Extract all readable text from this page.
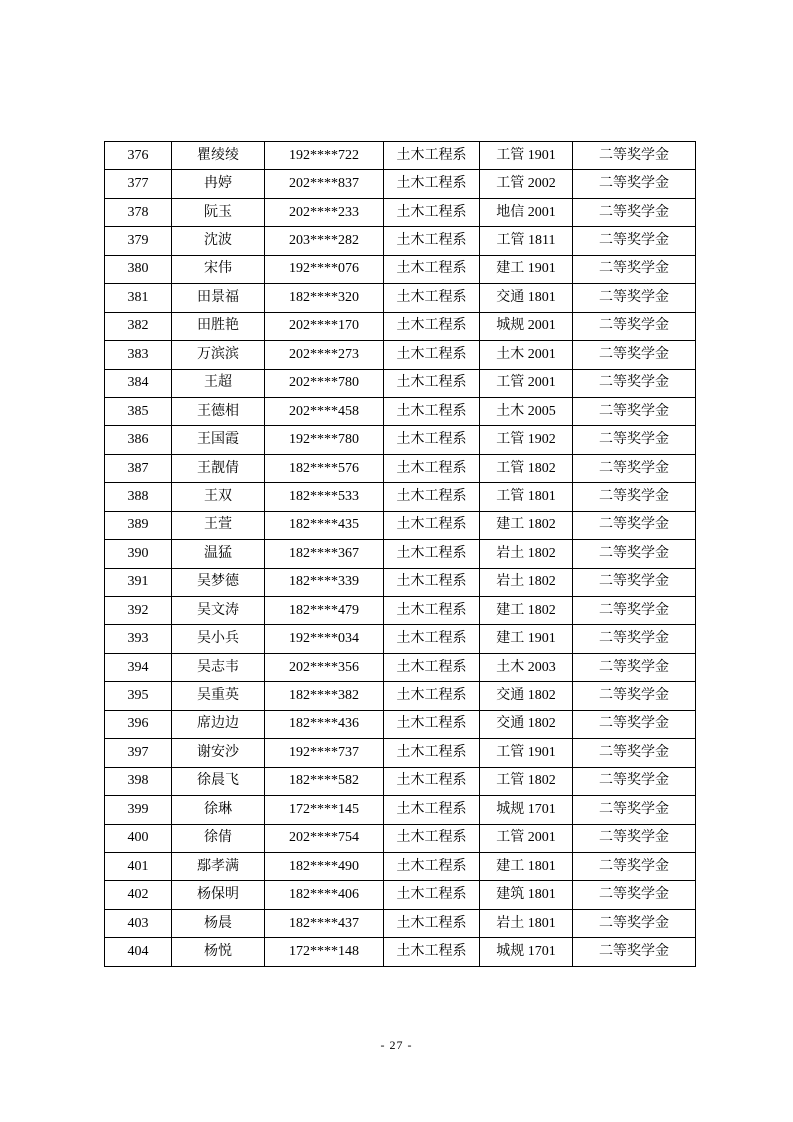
376	瞿绫绫	192****722	土木工程系	工管 1901	二等奖学金
377	冉婷	202****837	土木工程系	工管 2002	二等奖学金
378	阮玉	202****233	土木工程系	地信 2001	二等奖学金
379	沈波	203****282	土木工程系	工管 1811	二等奖学金
380	宋伟	192****076	土木工程系	建工 1901	二等奖学金
381	田景福	182****320	土木工程系	交通 1801	二等奖学金
382	田胜艳	202****170	土木工程系	城规 2001	二等奖学金
383	万滨滨	202****273	土木工程系	土木 2001	二等奖学金
384	王超	202****780	土木工程系	工管 2001	二等奖学金
385	王德相	202****458	土木工程系	土木 2005	二等奖学金
386	王国霞	192****780	土木工程系	工管 1902	二等奖学金
387	王靓倩	182****576	土木工程系	工管 1802	二等奖学金
388	王双	182****533	土木工程系	工管 1801	二等奖学金
389	王萱	182****435	土木工程系	建工 1802	二等奖学金
390	温猛	182****367	土木工程系	岩土 1802	二等奖学金
391	吴梦德	182****339	土木工程系	岩土 1802	二等奖学金
392	吴文涛	182****479	土木工程系	建工 1802	二等奖学金
393	吴小兵	192****034	土木工程系	建工 1901	二等奖学金
394	吴志韦	202****356	土木工程系	土木 2003	二等奖学金
395	吴重英	182****382	土木工程系	交通 1802	二等奖学金
396	席边边	182****436	土木工程系	交通 1802	二等奖学金
397	谢安沙	192****737	土木工程系	工管 1901	二等奖学金
398	徐晨飞	182****582	土木工程系	工管 1802	二等奖学金
399	徐琳	172****145	土木工程系	城规 1701	二等奖学金
400	徐倩	202****754	土木工程系	工管 2001	二等奖学金
401	鄢孝满	182****490	土木工程系	建工 1801	二等奖学金
402	杨保明	182****406	土木工程系	建筑 1801	二等奖学金
403	杨晨	182****437	土木工程系	岩土 1801	二等奖学金
404	杨悦	172****148	土木工程系	城规 1701	二等奖学金
- 27 -
